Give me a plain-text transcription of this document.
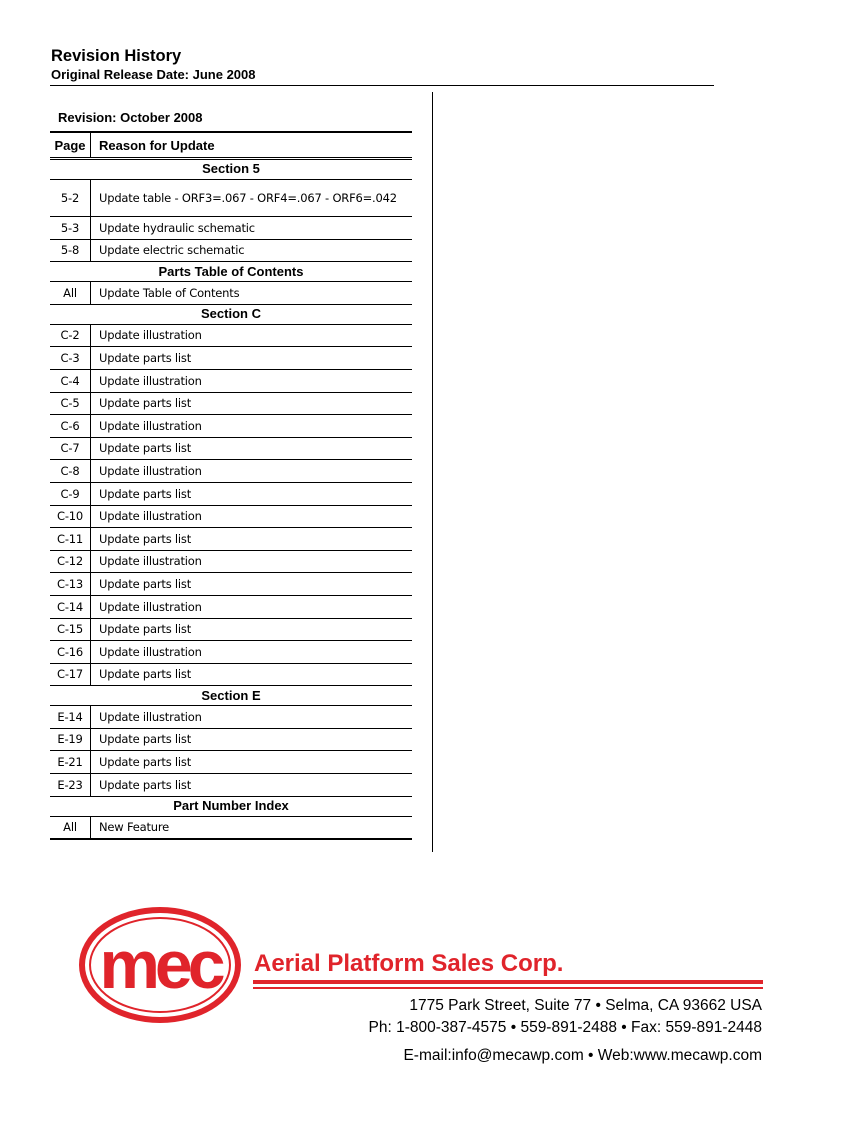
Revision History
Original Release Date: June 2008
Revision: October 2008
Page	Reason for Update
Section 5	
5-2	Update table - ORF3=.067 - ORF4=.067 - ORF6=.042
5-3	Update hydraulic schematic
5-8	Update electric schematic
Parts Table of Contents	
All	Update Table of Contents
Section C	
C-2	Update illustration
C-3	Update parts list
C-4	Update illustration
C-5	Update parts list
C-6	Update illustration
C-7	Update parts list
C-8	Update illustration
C-9	Update parts list
C-10	Update illustration
C-11	Update parts list
C-12	Update illustration
C-13	Update parts list
C-14	Update illustration
C-15	Update parts list
C-16	Update illustration
C-17	Update parts list
Section E	
E-14	Update illustration
E-19	Update parts list
E-21	Update parts list
E-23	Update parts list
Part Number Index	
All	New Feature
mec Aerial Platform Sales Corp.
1775 Park Street, Suite 77 • Selma, CA 93662 USA
Ph: 1-800-387-4575 • 559-891-2488 • Fax: 559-891-2448
E-mail:info@mecawp.com • Web:www.mecawp.com
